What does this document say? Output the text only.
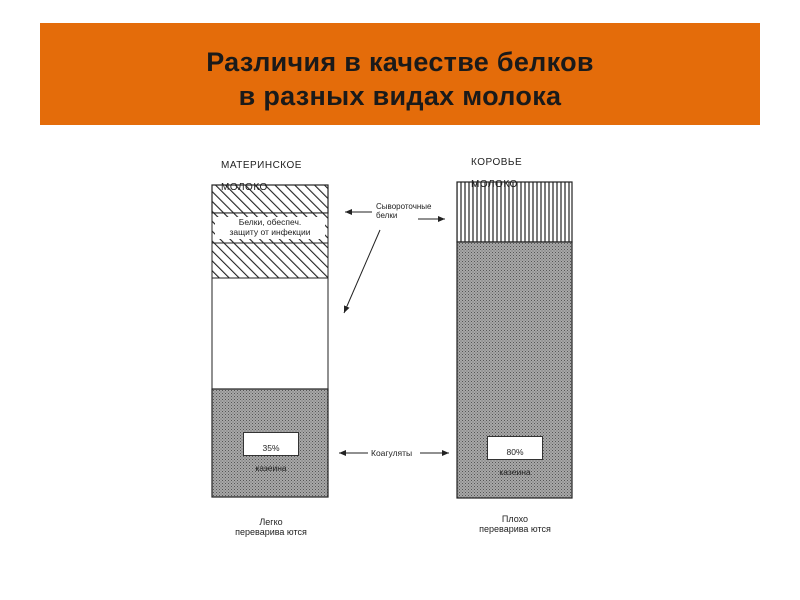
Различия в качестве белков
в разных видах молока

МАТЕРИНСКОЕ

МОЛОКО

КОРОВЬЕ

МОЛОКО

Белки, обеспеч.
защиту от инфекции

35%

казеина

80%

казеина

Сывороточные
белки
Коагуляты
Легко
переварива ются
Плохо
переварива ются
